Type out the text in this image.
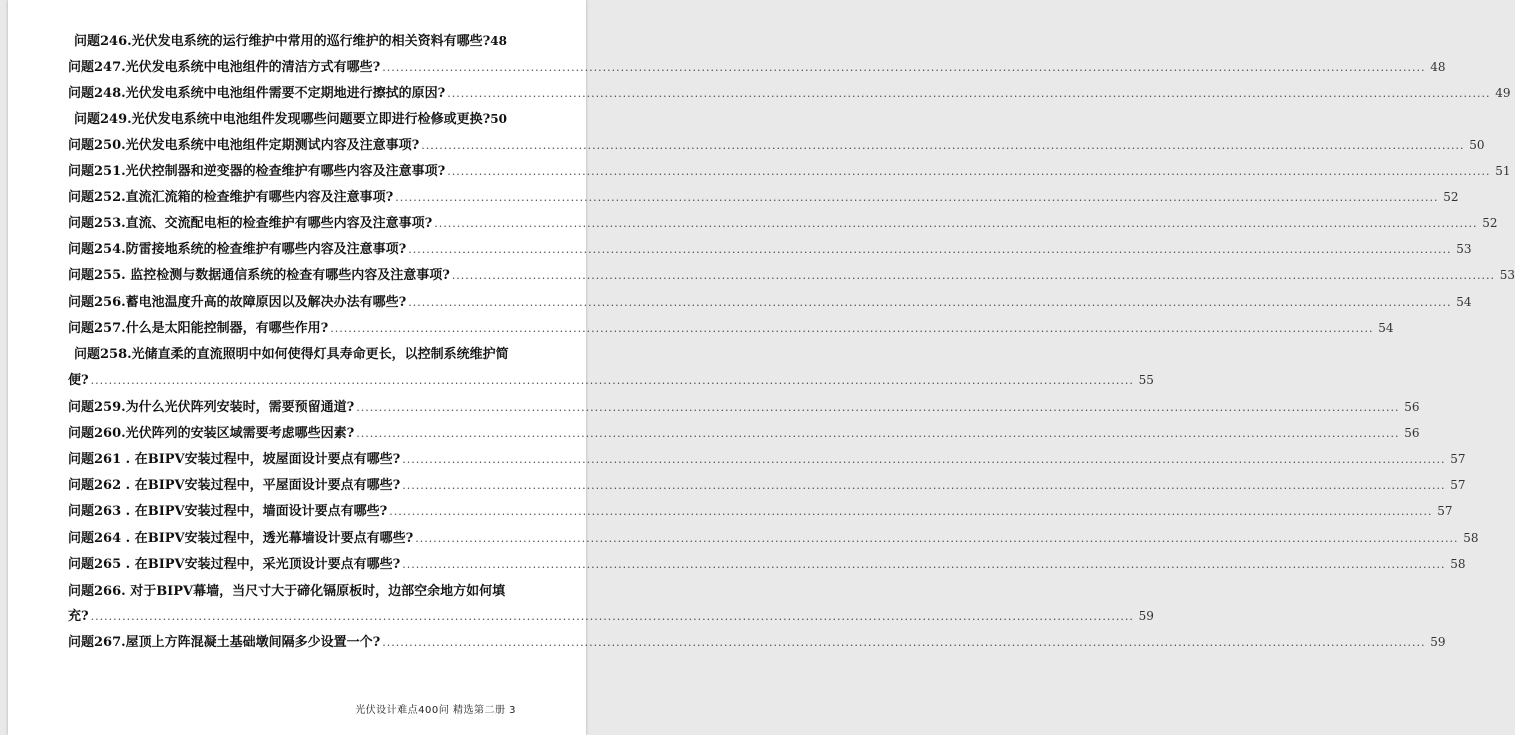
问题246.光伏发电系统的运行维护中常用的巡行维护的相关资料有哪些? 48
问题247.光伏发电系统中电池组件的清洁方式有哪些? .....	48
问题248.光伏发电系统中电池组件需要不定期地进行擦拭的原因? .....	49
问题249.光伏发电系统中电池组件发现哪些问题要立即进行检修或更换? 50
问题250.光伏发电系统中电池组件定期测试内容及注意事项? .....	50
问题251.光伏控制器和逆变器的检查维护有哪些内容及注意事项? .....	51
问题252.直流汇流箱的检查维护有哪些内容及注意事项? .....	52
问题253.直流、交流配电柜的检查维护有哪些内容及注意事项? .....	52
问题254.防雷接地系统的检查维护有哪些内容及注意事项? .....	53
问题255. 监控检测与数据通信系统的检查有哪些内容及注意事项? .....	53
问题256.蓄电池温度升高的故障原因以及解决办法有哪些? .....	54
问题257.什么是太阳能控制器，有哪些作用? .....	54
问题258.光储直柔的直流照明中如何使得灯具寿命更长，以控制系统维护简
便? .....	55
问题259.为什么光伏阵列安装时，需要预留通道? .....	56
问题260.光伏阵列的安装区域需要考虑哪些因素? .....	56
问题261 . 在BIPV安装过程中，坡屋面设计要点有哪些? .....	57
问题262 . 在BIPV安装过程中，平屋面设计要点有哪些? .....	57
问题263 . 在BIPV安装过程中，墙面设计要点有哪些? .....	57
问题264 . 在BIPV安装过程中，透光幕墙设计要点有哪些? .....	58
问题265 . 在BIPV安装过程中，采光顶设计要点有哪些? .....	58
问题266. 对于BIPV幕墙，当尺寸大于碲化镉原板时，边部空余地方如何填
充? .....	59
问题267.屋顶上方阵混凝土基础墩间隔多少设置一个? .....	59
光伏设计难点400问 精选第二册 3
